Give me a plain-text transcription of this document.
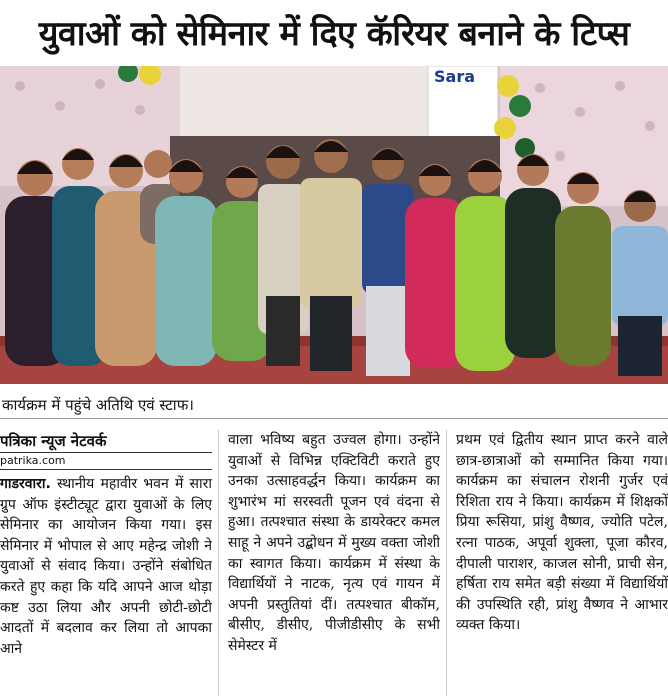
युवाओं को सेमिनार में दिए कॅरियर बनाने के टिप्स
Sara
कार्यक्रम में पहुंचे अतिथि एवं स्टाफ।
पत्रिका न्यूज नेटवर्क
patrika.com
गाडरवारा. स्थानीय महावीर भवन में सारा ग्रुप ऑफ इंस्टीट्यूट द्वारा युवाओं के लिए सेमिनार का आयोजन किया गया। इस सेमिनार में भोपाल से आए महेन्द्र जोशी ने युवाओं से संवाद किया। उन्होंने संबोधित करते हुए कहा कि यदि आपने आज थोड़ा कष्ट उठा लिया और अपनी छोटी-छोटी आदतों में बदलाव कर लिया तो आपका आने
वाला भविष्य बहुत उज्वल होगा। उन्होंने युवाओं से विभिन्न एक्टिविटी कराते हुए उनका उत्साहवर्द्धन किया। कार्यक्रम का शुभारंभ मां सरस्वती पूजन एवं वंदना से हुआ। तत्पश्चात संस्था के डायरेक्टर कमल साहू ने अपने उद्बोधन में मुख्य वक्ता जोशी का स्वागत किया। कार्यक्रम में संस्था के विद्यार्थियों ने नाटक, नृत्य एवं गायन में अपनी प्रस्तुतियां दीं। तत्पश्चात बीकॉम, बीसीए, डीसीए, पीजीडीसीए के सभी सेमेस्टर में
प्रथम एवं द्वितीय स्थान प्राप्त करने वाले छात्र-छात्राओं को सम्मानित किया गया। कार्यक्रम का संचालन रोशनी गुर्जर एवं रिशिता राय ने किया। कार्यक्रम में शिक्षकों प्रिया रूसिया, प्रांशु वैष्णव, ज्योति पटेल, रत्ना पाठक, अपूर्वा शुक्ला, पूजा कौरव, दीपाली पाराशर, काजल सोनी, प्राची सेन, हर्षिता राय समेत बड़ी संख्या में विद्यार्थियों की उपस्थिति रही, प्रांशु वैष्णव ने आभार व्यक्त किया।
